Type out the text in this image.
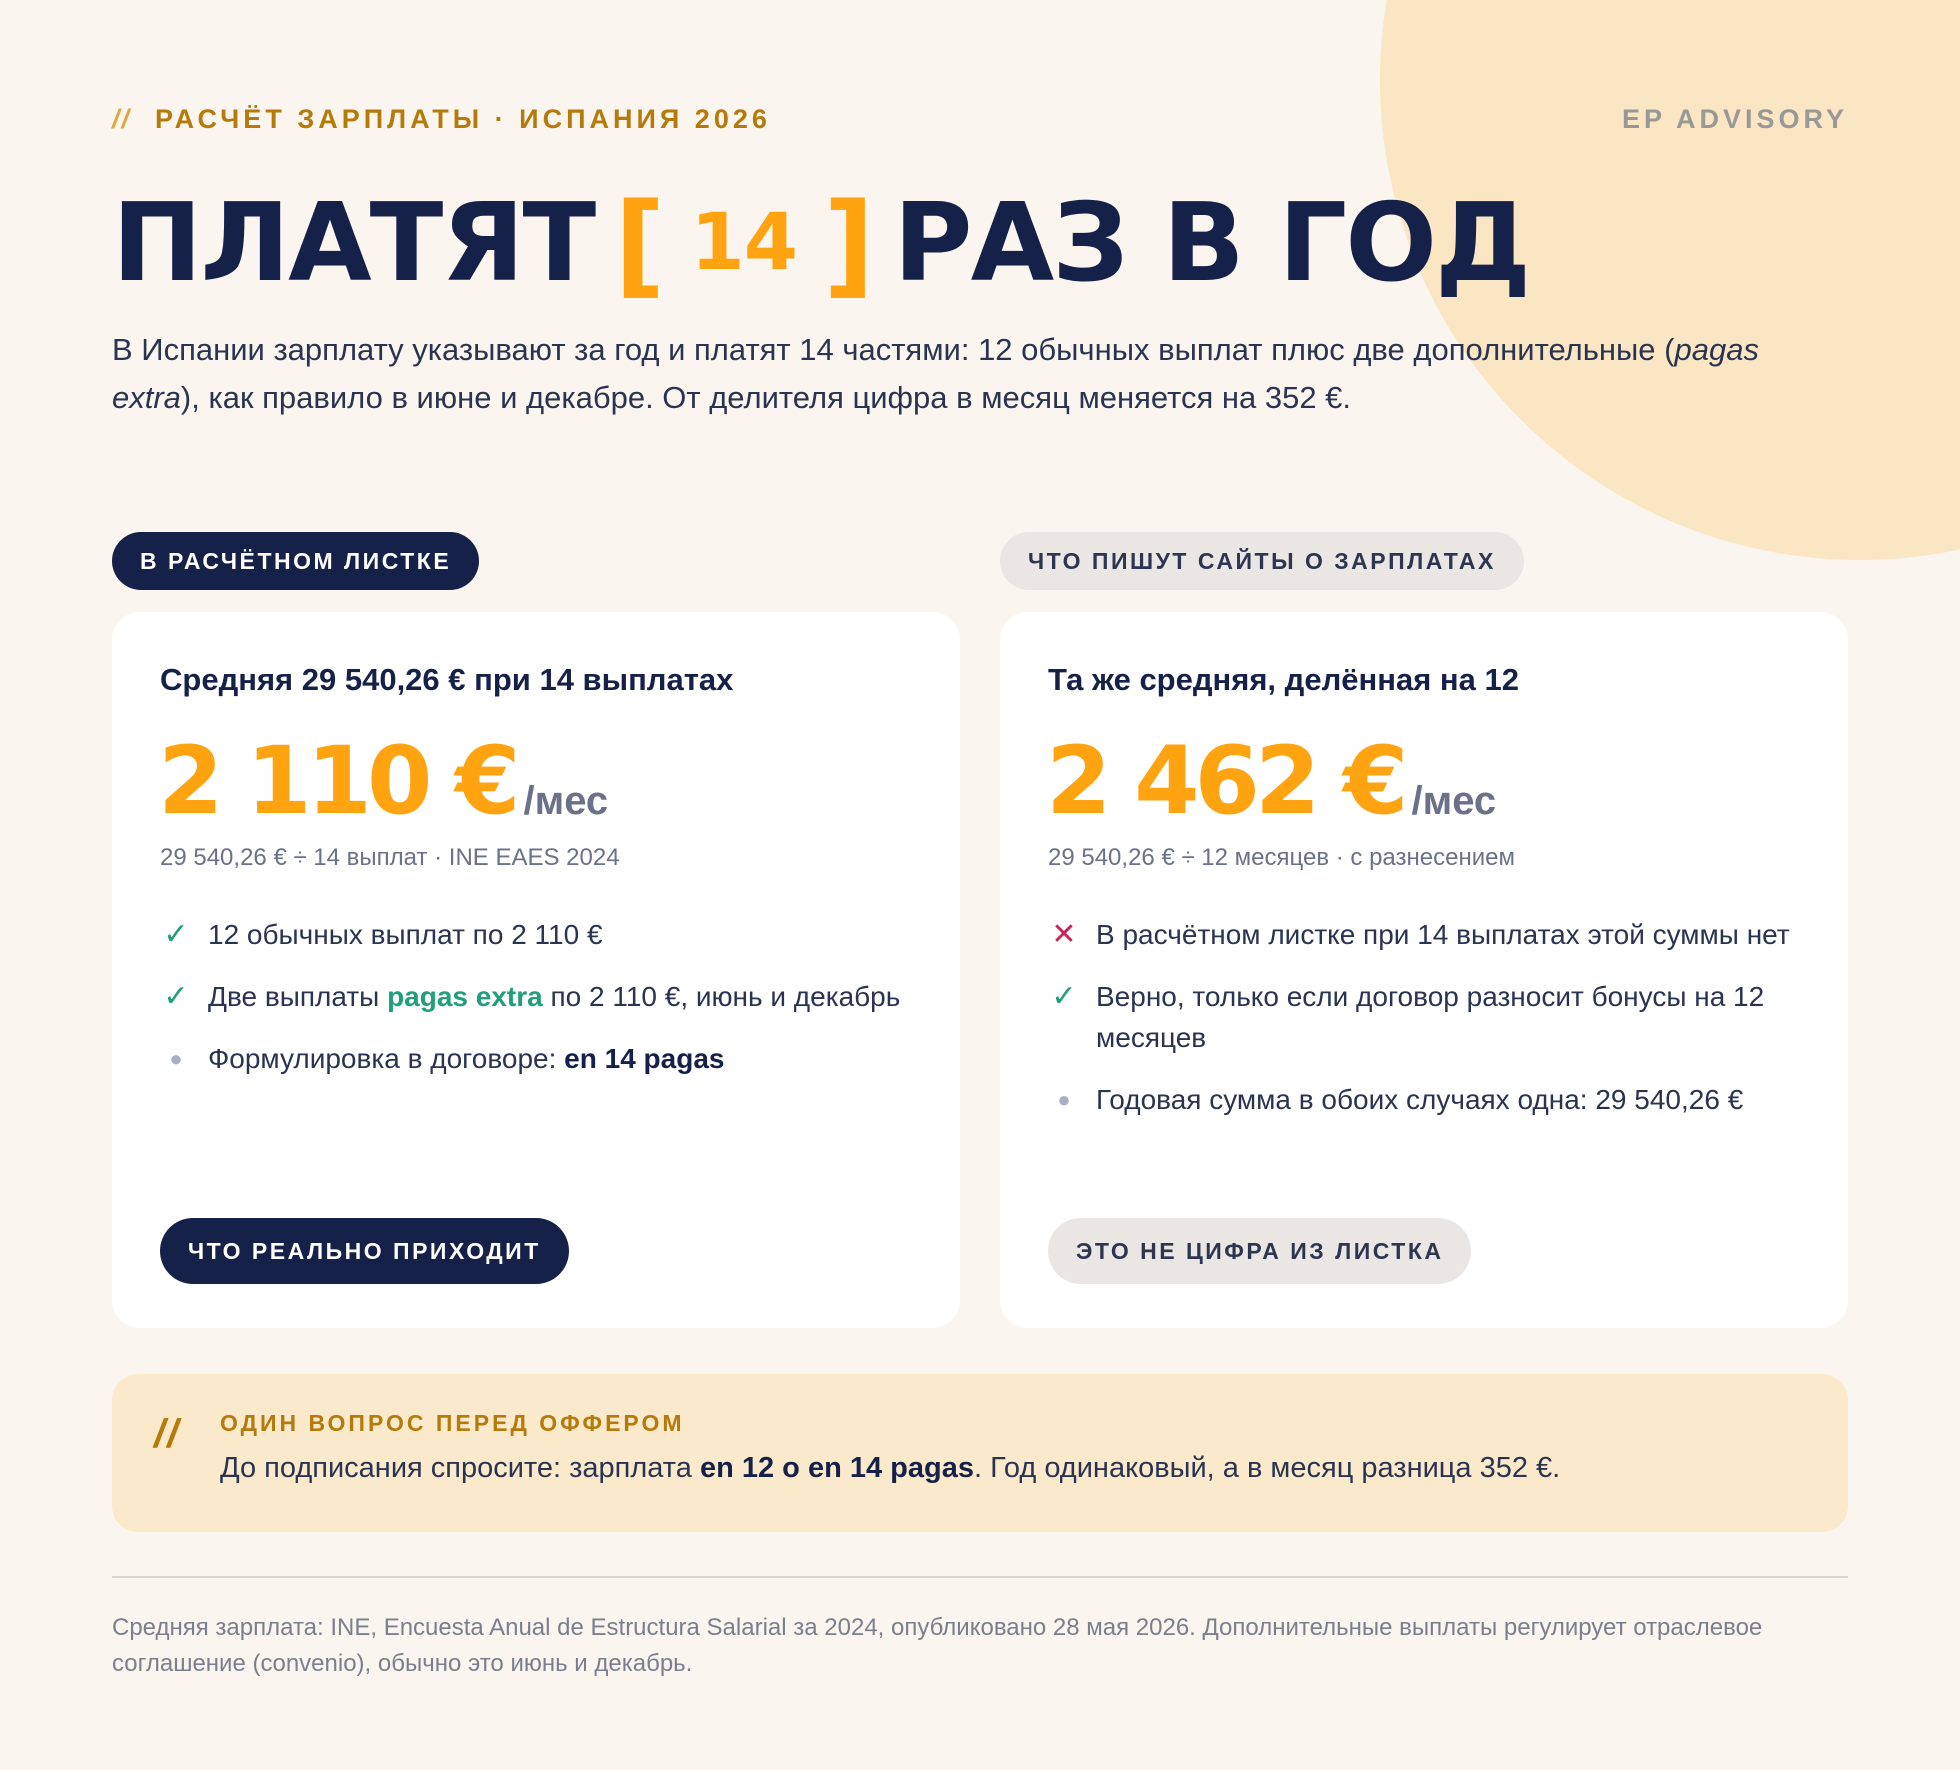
// РАСЧЁТ ЗАРПЛАТЫ · ИСПАНИЯ 2026	EP ADVISORY
ПЛАТЯТ [ 14 ] РАЗ В ГОД
В Испании зарплату указывают за год и платят 14 частями: 12 обычных выплат плюс две дополнительные (pagas extra), как правило в июне и декабре. От делителя цифра в месяц меняется на 352 €.
В РАСЧЁТНОМ ЛИСТКЕ	ЧТО ПИШУТ САЙТЫ О ЗАРПЛАТАХ
Средняя 29 540,26 € при 14 выплатах
2 110 € /мес
29 540,26 € ÷ 14 выплат · INE EAES 2024
✓ 12 обычных выплат по 2 110 €
✓ Две выплаты pagas extra по 2 110 €, июнь и декабрь
● Формулировка в договоре: en 14 pagas
ЧТО РЕАЛЬНО ПРИХОДИТ
Та же средняя, делённая на 12
2 462 € /мес
29 540,26 € ÷ 12 месяцев · с разнесением
✕ В расчётном листке при 14 выплатах этой суммы нет
✓ Верно, только если договор разносит бонусы на 12 месяцев
● Годовая сумма в обоих случаях одна: 29 540,26 €
ЭТО НЕ ЦИФРА ИЗ ЛИСТКА
// ОДИН ВОПРОС ПЕРЕД ОФФЕРОМ
До подписания спросите: зарплата en 12 o en 14 pagas. Год одинаковый, а в месяц разница 352 €.
Средняя зарплата: INE, Encuesta Anual de Estructura Salarial за 2024, опубликовано 28 мая 2026. Дополнительные выплаты регулирует отраслевое соглашение (convenio), обычно это июнь и декабрь.
